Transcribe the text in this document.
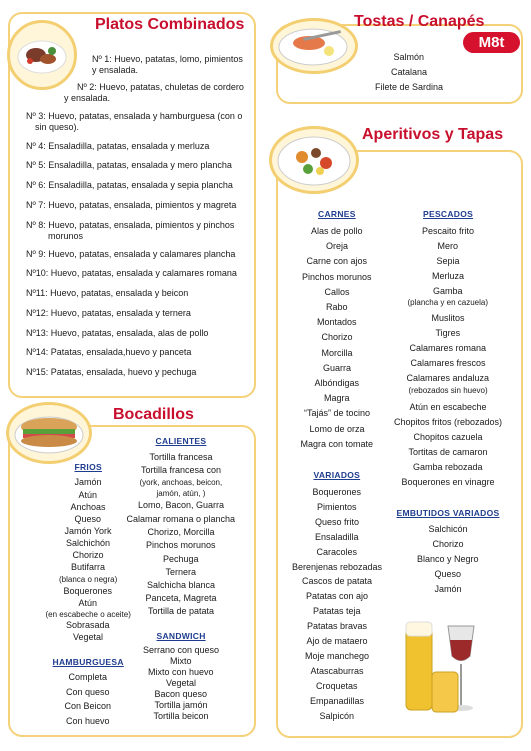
Platos Combinados
Nº 1: Huevo, patatas, lomo, pimientos
y ensalada.
Nº 2: Huevo, patatas, chuletas de cordero
y ensalada.
Nº 3: Huevo, patatas, ensalada y hamburguesa (con o
sin queso).
Nº 4: Ensaladilla, patatas, ensalada y merluza
Nº 5: Ensaladilla, patatas, ensalada y mero plancha
Nº 6: Ensaladilla, patatas, ensalada y sepia plancha
Nº 7: Huevo, patatas, ensalada, pimientos y magreta
Nº 8: Huevo, patatas, ensalada, pimientos y pinchos
morunos
Nº 9: Huevo, patatas, ensalada y calamares plancha
Nº10: Huevo, patatas, ensalada y calamares romana
Nº11: Huevo, patatas, ensalada y beicon
Nº12: Huevo, patatas, ensalada y ternera
Nº13: Huevo, patatas, ensalada, alas de pollo
Nº14: Patatas, ensalada,huevo y panceta
Nº15: Patatas, ensalada, huevo y pechuga
Tostas / Canapés
M8t
Salmón
Catalana
Filete de Sardina
Aperitivos y Tapas
CARNES
Alas de pollo
Oreja
Carne con ajos
Pinchos morunos
Callos
Rabo
Montados
Chorizo
Morcilla
Guarra
Albóndigas
Magra
“Tajás” de tocino
Lomo de orza
Magra con tomate
PESCADOS
Pescaito frito
Mero
Sepia
Merluza
Gamba
(plancha y en cazuela)
Muslitos
Tigres
Calamares romana
Calamares frescos
Calamares andaluza
(rebozados sin huevo)
Atún en escabeche
Chopitos fritos (rebozados)
Chopitos cazuela
Tortitas de camaron
Gamba rebozada
Boquerones en vinagre
VARIADOS
Boquerones
Pimientos
Queso frito
Ensaladilla
Caracoles
Berenjenas rebozadas
Cascos de patata
Patatas con ajo
Patatas teja
Patatas bravas
Ajo de mataero
Moje manchego
Atascaburras
Croquetas
Empanadillas
Salpicón
EMBUTIDOS VARIADOS
Salchicón
Chorizo
Blanco y Negro
Queso
Jamón
Bocadillos
FRIOS
Jamón
Atún
Anchoas
Queso
Jamón York
Salchichón
Chorizo
Butifarra
(blanca o negra)
Boquerones
Atún
(en escabeche o aceite)
Sobrasada
Vegetal
CALIENTES
Tortilla francesa
Tortilla francesa con
(york, anchoas, beicon,
jamón, atún, )
Lomo, Bacon, Guarra
Calamar romana o plancha
Chorizo, Morcilla
Pinchos morunos
Pechuga
Ternera
Salchicha blanca
Panceta, Magreta
Tortilla de patata
HAMBURGUESA
Completa
Con queso
Con Beicon
Con huevo
SANDWICH
Serrano con queso
Mixto
Mixto con huevo
Vegetal
Bacon queso
Tortilla jamón
Tortilla beicon
